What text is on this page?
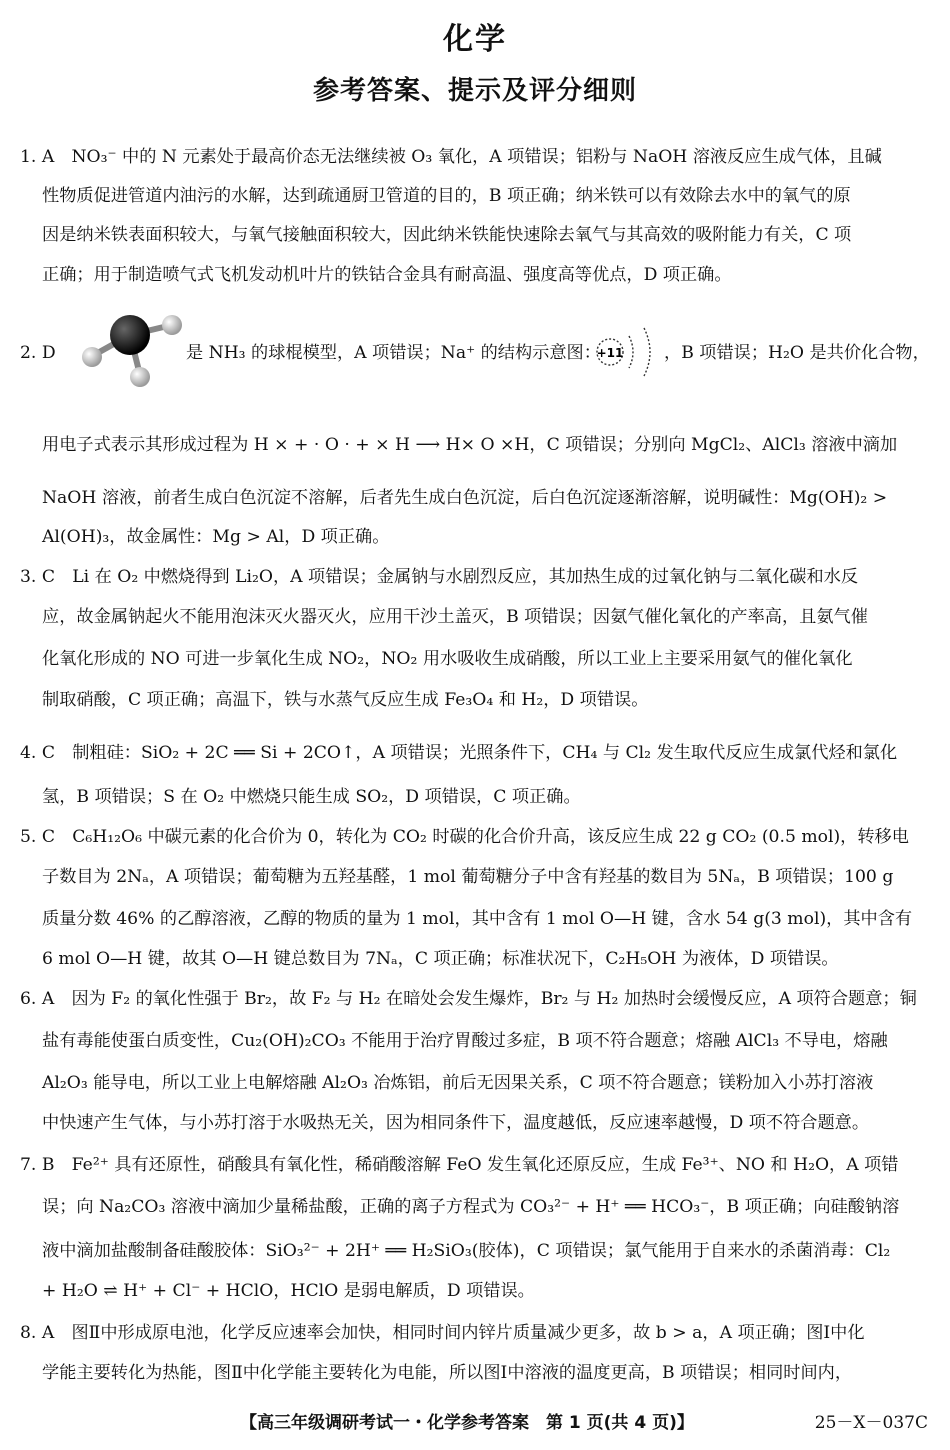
化学
参考答案、提示及评分细则
1. A　NO₃⁻ 中的 N 元素处于最高价态无法继续被 O₃ 氧化，A 项错误；铝粉与 NaOH 溶液反应生成气体，且碱
性物质促进管道内油污的水解，达到疏通厨卫管道的目的，B 项正确；纳米铁可以有效除去水中的氧气的原
因是纳米铁表面积较大，与氧气接触面积较大，因此纳米铁能快速除去氧气与其高效的吸附能力有关，C 项
正确；用于制造喷气式飞机发动机叶片的铁钴合金具有耐高温、强度高等优点，D 项正确。
2. D	是 NH₃ 的球棍模型，A 项错误；Na⁺ 的结构示意图：
+11 ，B 项错误；H₂O 是共价化合物，
用电子式表示其形成过程为 H × + · O · + × H ⟶ H× O ×H，C 项错误；分别向 MgCl₂、AlCl₃ 溶液中滴加
NaOH 溶液，前者生成白色沉淀不溶解，后者先生成白色沉淀，后白色沉淀逐渐溶解，说明碱性：Mg(OH)₂ >
Al(OH)₃，故金属性：Mg > Al，D 项正确。
3. C　Li 在 O₂ 中燃烧得到 Li₂O，A 项错误；金属钠与水剧烈反应，其加热生成的过氧化钠与二氧化碳和水反
应，故金属钠起火不能用泡沫灭火器灭火，应用干沙土盖灭，B 项错误；因氨气催化氧化的产率高，且氨气催
化氧化形成的 NO 可进一步氧化生成 NO₂，NO₂ 用水吸收生成硝酸，所以工业上主要采用氨气的催化氧化
制取硝酸，C 项正确；高温下，铁与水蒸气反应生成 Fe₃O₄ 和 H₂，D 项错误。
4. C　制粗硅：SiO₂ + 2C ══ Si + 2CO↑，A 项错误；光照条件下，CH₄ 与 Cl₂ 发生取代反应生成氯代烃和氯化
氢，B 项错误；S 在 O₂ 中燃烧只能生成 SO₂，D 项错误，C 项正确。
5. C　C₆H₁₂O₆ 中碳元素的化合价为 0，转化为 CO₂ 时碳的化合价升高，该反应生成 22 g CO₂ (0.5 mol)，转移电
子数目为 2Nₐ，A 项错误；葡萄糖为五羟基醛，1 mol 葡萄糖分子中含有羟基的数目为 5Nₐ，B 项错误；100 g
质量分数 46% 的乙醇溶液，乙醇的物质的量为 1 mol，其中含有 1 mol O—H 键，含水 54 g(3 mol)，其中含有
6 mol O—H 键，故其 O—H 键总数目为 7Nₐ，C 项正确；标准状况下，C₂H₅OH 为液体，D 项错误。
6. A　因为 F₂ 的氧化性强于 Br₂，故 F₂ 与 H₂ 在暗处会发生爆炸，Br₂ 与 H₂ 加热时会缓慢反应，A 项符合题意；铜
盐有毒能使蛋白质变性，Cu₂(OH)₂CO₃ 不能用于治疗胃酸过多症，B 项不符合题意；熔融 AlCl₃ 不导电，熔融
Al₂O₃ 能导电，所以工业上电解熔融 Al₂O₃ 冶炼铝，前后无因果关系，C 项不符合题意；镁粉加入小苏打溶液
中快速产生气体，与小苏打溶于水吸热无关，因为相同条件下，温度越低，反应速率越慢，D 项不符合题意。
7. B　Fe²⁺ 具有还原性，硝酸具有氧化性，稀硝酸溶解 FeO 发生氧化还原反应，生成 Fe³⁺、NO 和 H₂O，A 项错
误；向 Na₂CO₃ 溶液中滴加少量稀盐酸，正确的离子方程式为 CO₃²⁻ + H⁺ ══ HCO₃⁻，B 项正确；向硅酸钠溶
液中滴加盐酸制备硅酸胶体：SiO₃²⁻ + 2H⁺ ══ H₂SiO₃(胶体)，C 项错误；氯气能用于自来水的杀菌消毒：Cl₂
+ H₂O ⇌ H⁺ + Cl⁻ + HClO，HClO 是弱电解质，D 项错误。
8. A　图Ⅱ中形成原电池，化学反应速率会加快，相同时间内锌片质量减少更多，故 b > a，A 项正确；图Ⅰ中化
学能主要转化为热能，图Ⅱ中化学能主要转化为电能，所以图Ⅰ中溶液的温度更高，B 项错误；相同时间内，
【高三年级调研考试一・化学参考答案　第 1 页(共 4 页)】	25－X－037C
